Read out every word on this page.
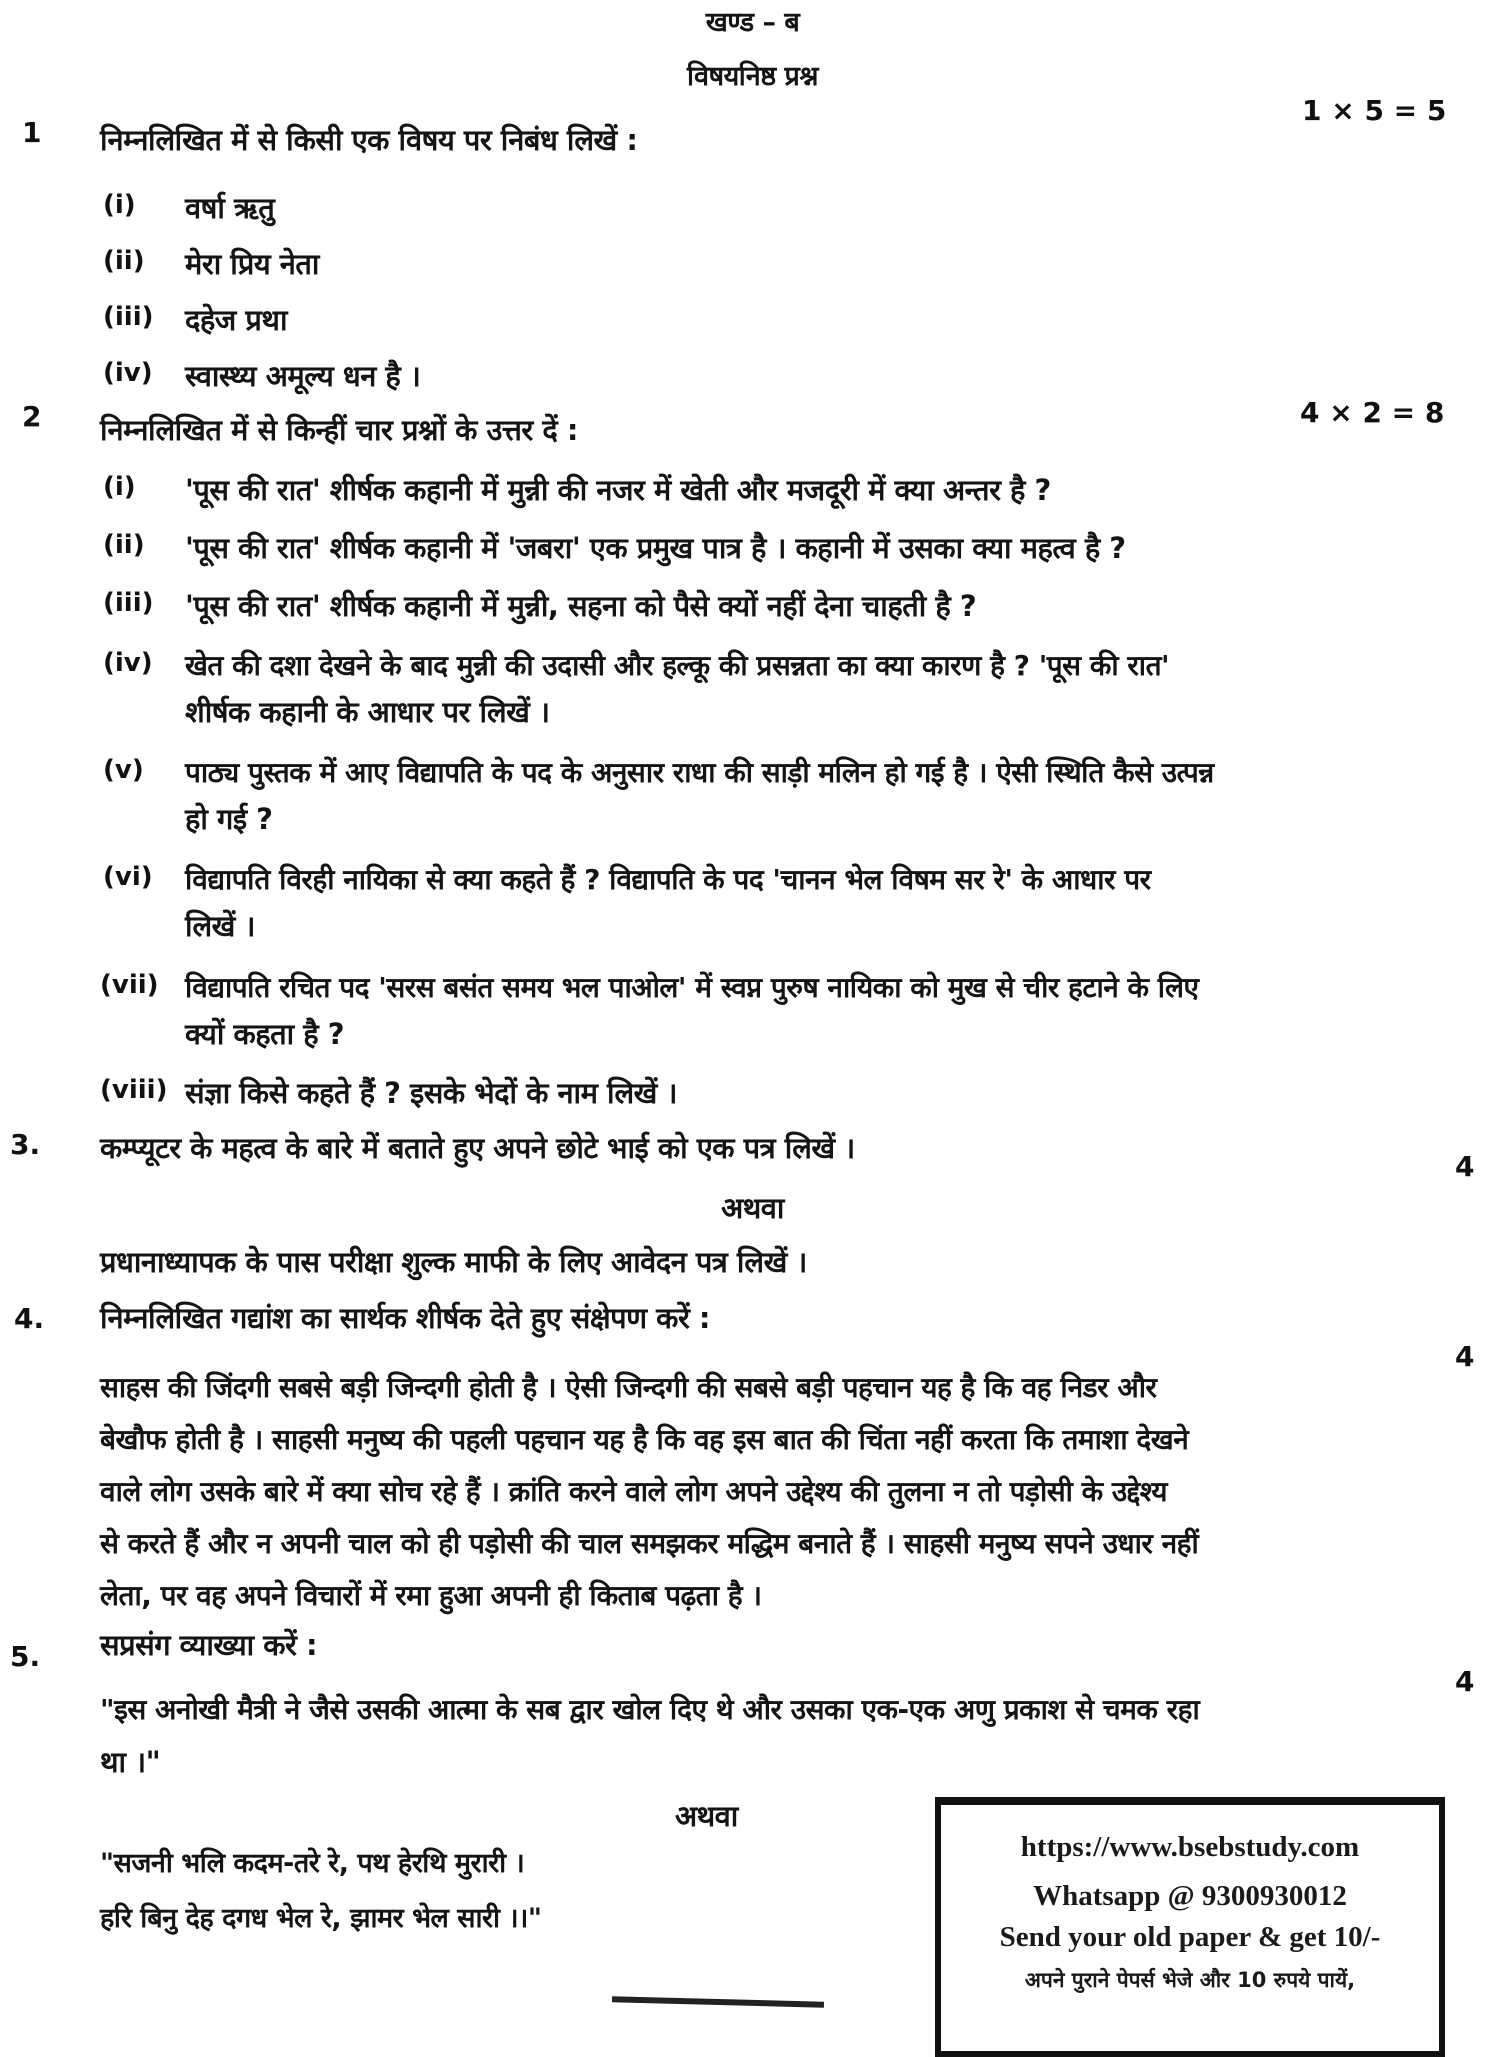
खण्ड – ब
विषयनिष्ठ प्रश्न
1 निम्नलिखित में से किसी एक विषय पर निबंध लिखें :
1 × 5 = 5
(i) वर्षा ऋतु
(ii) मेरा प्रिय नेता
(iii) दहेज प्रथा
(iv) स्वास्थ्य अमूल्य धन है ।
2 निम्नलिखित में से किन्हीं चार प्रश्नों के उत्तर दें :
4 × 2 = 8
(i) 'पूस की रात' शीर्षक कहानी में मुन्नी की नजर में खेती और मजदूरी में क्या अन्तर है ?
(ii) 'पूस की रात' शीर्षक कहानी में 'जबरा' एक प्रमुख पात्र है । कहानी में उसका क्या महत्व है ?
(iii) 'पूस की रात' शीर्षक कहानी में मुन्नी, सहना को पैसे क्यों नहीं देना चाहती है ?
(iv) खेत की दशा देखने के बाद मुन्नी की उदासी और हल्कू की प्रसन्नता का क्या कारण है ? 'पूस की रात'
शीर्षक कहानी के आधार पर लिखें ।
(v) पाठ्य पुस्तक में आए विद्यापति के पद के अनुसार राधा की साड़ी मलिन हो गई है । ऐसी स्थिति कैसे उत्पन्न
हो गई ?
(vi) विद्यापति विरही नायिका से क्या कहते हैं ? विद्यापति के पद 'चानन भेल विषम सर रे' के आधार पर
लिखें ।
(vii) विद्यापति रचित पद 'सरस बसंत समय भल पाओल' में स्वप्न पुरुष नायिका को मुख से चीर हटाने के लिए
क्यों कहता है ?
(viii) संज्ञा किसे कहते हैं ? इसके भेदों के नाम लिखें ।
3. कम्प्यूटर के महत्व के बारे में बताते हुए अपने छोटे भाई को एक पत्र लिखें ।
4
अथवा
प्रधानाध्यापक के पास परीक्षा शुल्क माफी के लिए आवेदन पत्र लिखें ।
4. निम्नलिखित गद्यांश का सार्थक शीर्षक देते हुए संक्षेपण करें :
4
साहस की जिंदगी सबसे बड़ी जिन्दगी होती है । ऐसी जिन्दगी की सबसे बड़ी पहचान यह है कि वह निडर और
बेखौफ होती है । साहसी मनुष्य की पहली पहचान यह है कि वह इस बात की चिंता नहीं करता कि तमाशा देखने
वाले लोग उसके बारे में क्या सोच रहे हैं । क्रांति करने वाले लोग अपने उद्देश्य की तुलना न तो पड़ोसी के उद्देश्य
से करते हैं और न अपनी चाल को ही पड़ोसी की चाल समझकर मद्धिम बनाते हैं । साहसी मनुष्य सपने उधार नहीं
लेता, पर वह अपने विचारों में रमा हुआ अपनी ही किताब पढ़ता है ।
5. सप्रसंग व्याख्या करें :
4
"इस अनोखी मैत्री ने जैसे उसकी आत्मा के सब द्वार खोल दिए थे और उसका एक-एक अणु प्रकाश से चमक रहा
था ।"
अथवा
"सजनी भलि कदम-तरे रे, पथ हेरथि मुरारी ।
हरि बिनु देह दगध भेल रे, झामर भेल सारी ।।"
https://www.bsebstudy.com
Whatsapp @ 9300930012
Send your old paper & get 10/-
अपने पुराने पेपर्स भेजे और 10 रुपये पायें,
